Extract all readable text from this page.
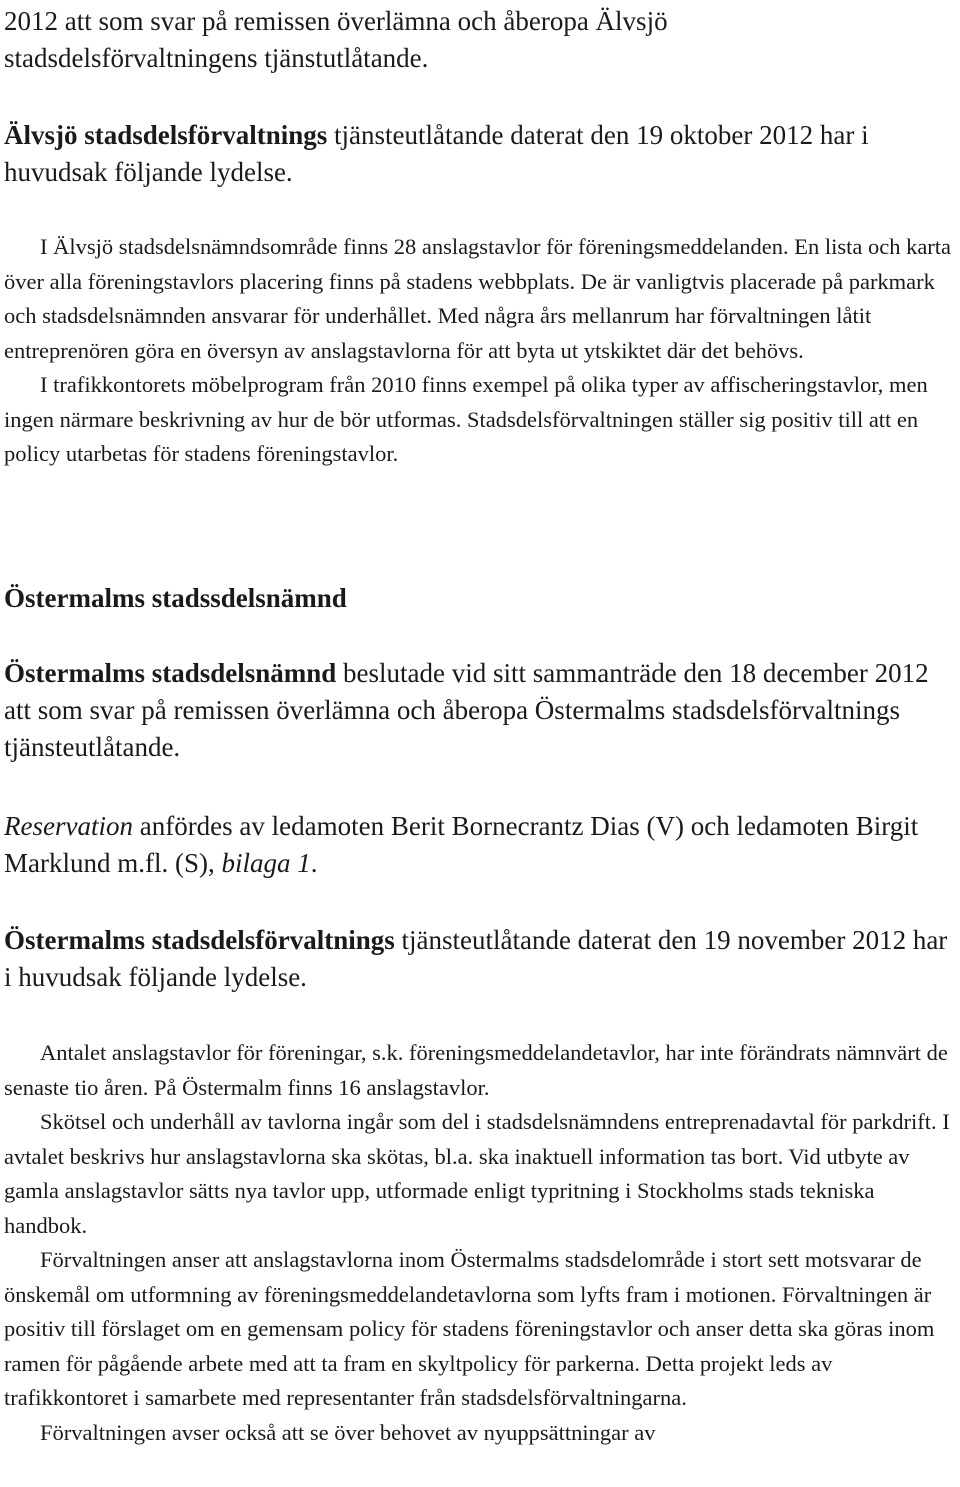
2012 att som svar på remissen överlämna och åberopa Älvsjö
stadsdelsförvaltningens tjänstutlåtande.

Älvsjö stadsdelsförvaltnings tjänsteutlåtande daterat den 19 oktober 2012 har i huvudsak följande lydelse.

I Älvsjö stadsdelsnämndsområde finns 28 anslagstavlor för föreningsmeddelanden. En lista och karta över alla föreningstavlors placering finns på stadens webbplats. De är vanligtvis placerade på parkmark och stadsdelsnämnden ansvarar för underhållet. Med några års mellanrum har förvaltningen låtit entreprenören göra en översyn av anslagstavlorna för att byta ut ytskiktet där det behövs.

I trafikkontorets möbelprogram från 2010 finns exempel på olika typer av affischeringstavlor, men ingen närmare beskrivning av hur de bör utformas. Stadsdelsförvaltningen ställer sig positiv till att en policy utarbetas för stadens föreningstavlor.

Östermalms stadssdelsnämnd

Östermalms stadsdelsnämnd beslutade vid sitt sammanträde den 18 december 2012 att som svar på remissen överlämna och åberopa Östermalms stadsdelsförvaltnings tjänsteutlåtande.

Reservation anfördes av ledamoten Berit Bornecrantz Dias (V) och ledamoten Birgit Marklund m.fl. (S), bilaga 1.

Östermalms stadsdelsförvaltnings tjänsteutlåtande daterat den 19 november 2012 har i huvudsak följande lydelse.

Antalet anslagstavlor för föreningar, s.k. föreningsmeddelandetavlor, har inte förändrats nämnvärt de senaste tio åren. På Östermalm finns 16 anslagstavlor.

Skötsel och underhåll av tavlorna ingår som del i stadsdelsnämndens entreprenadavtal för parkdrift. I avtalet beskrivs hur anslagstavlorna ska skötas, bl.a. ska inaktuell information tas bort. Vid utbyte av gamla anslagstavlor sätts nya tavlor upp, utformade enligt typritning i Stockholms stads tekniska handbok.

Förvaltningen anser att anslagstavlorna inom Östermalms stadsdelområde i stort sett motsvarar de önskemål om utformning av föreningsmeddelandetavlorna som lyfts fram i motionen. Förvaltningen är positiv till förslaget om en gemensam policy för stadens föreningstavlor och anser detta ska göras inom ramen för pågående arbete med att ta fram en skyltpolicy för parkerna. Detta projekt leds av trafikkontoret i samarbete med representanter från stadsdelsförvaltningarna.

Förvaltningen avser också att se över behovet av nyuppsättningar av
